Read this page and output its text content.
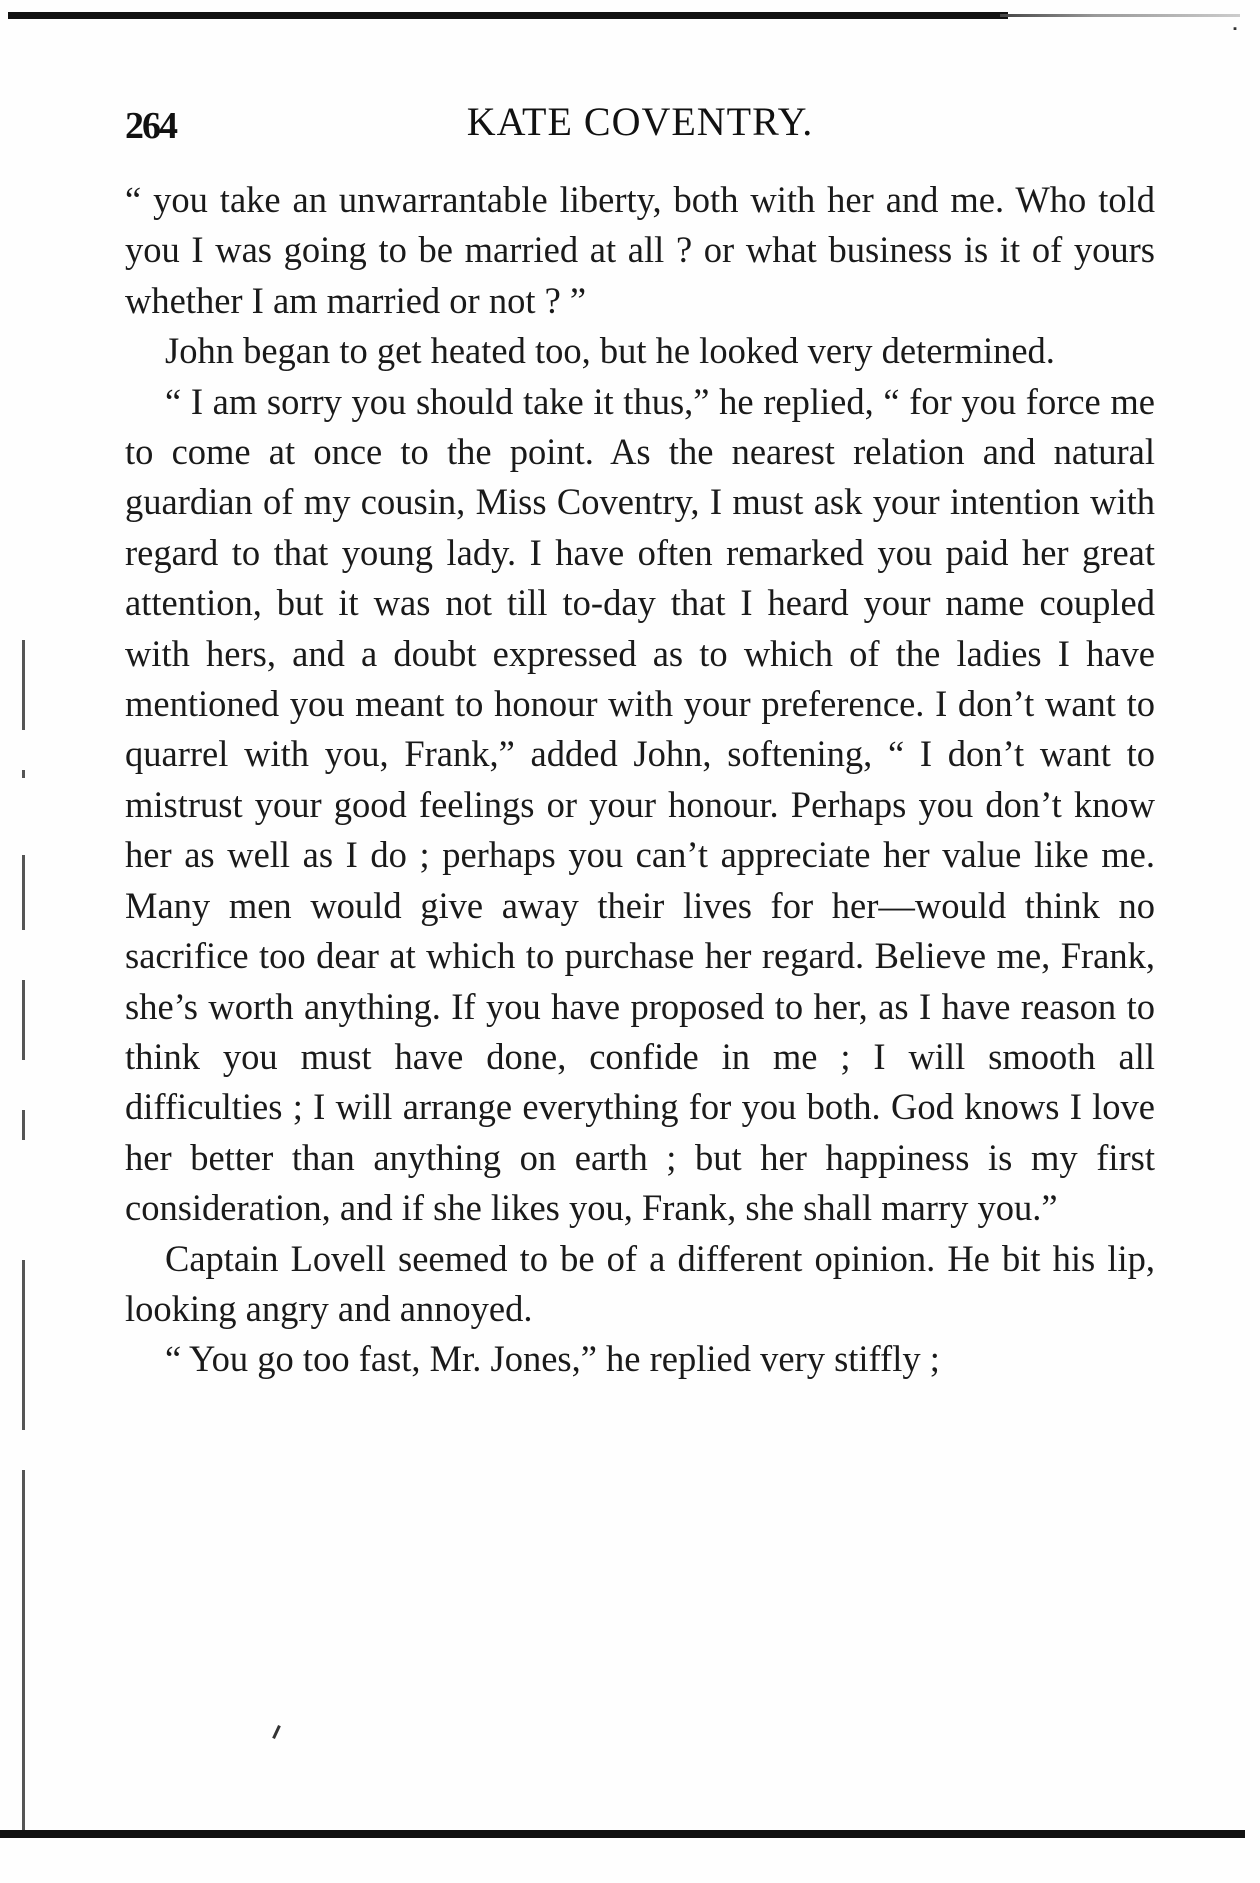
˙
264	KATE COVENTRY.

“ you take an unwarrantable liberty, both with her and me. Who told you I was going to be married at all ? or what business is it of yours whether I am married or not ? ”

John began to get heated too, but he looked very determined.

“ I am sorry you should take it thus,” he replied, “ for you force me to come at once to the point. As the nearest relation and natural guardian of my cousin, Miss Coventry, I must ask your intention with regard to that young lady. I have often remarked you paid her great attention, but it was not till to-day that I heard your name coupled with hers, and a doubt expressed as to which of the ladies I have mentioned you meant to honour with your preference. I don’t want to quarrel with you, Frank,” added John, softening, “ I don’t want to mistrust your good feelings or your honour. Perhaps you don’t know her as well as I do ; perhaps you can’t appreciate her value like me. Many men would give away their lives for her—would think no sacrifice too dear at which to purchase her regard. Believe me, Frank, she’s worth anything. If you have proposed to her, as I have reason to think you must have done, confide in me ; I will smooth all difficulties ; I will arrange everything for you both. God knows I love her better than anything on earth ; but her happiness is my first consideration, and if she likes you, Frank, she shall marry you.”

Captain Lovell seemed to be of a different opinion. He bit his lip, looking angry and annoyed.

“ You go too fast, Mr. Jones,” he replied very stiffly ;
